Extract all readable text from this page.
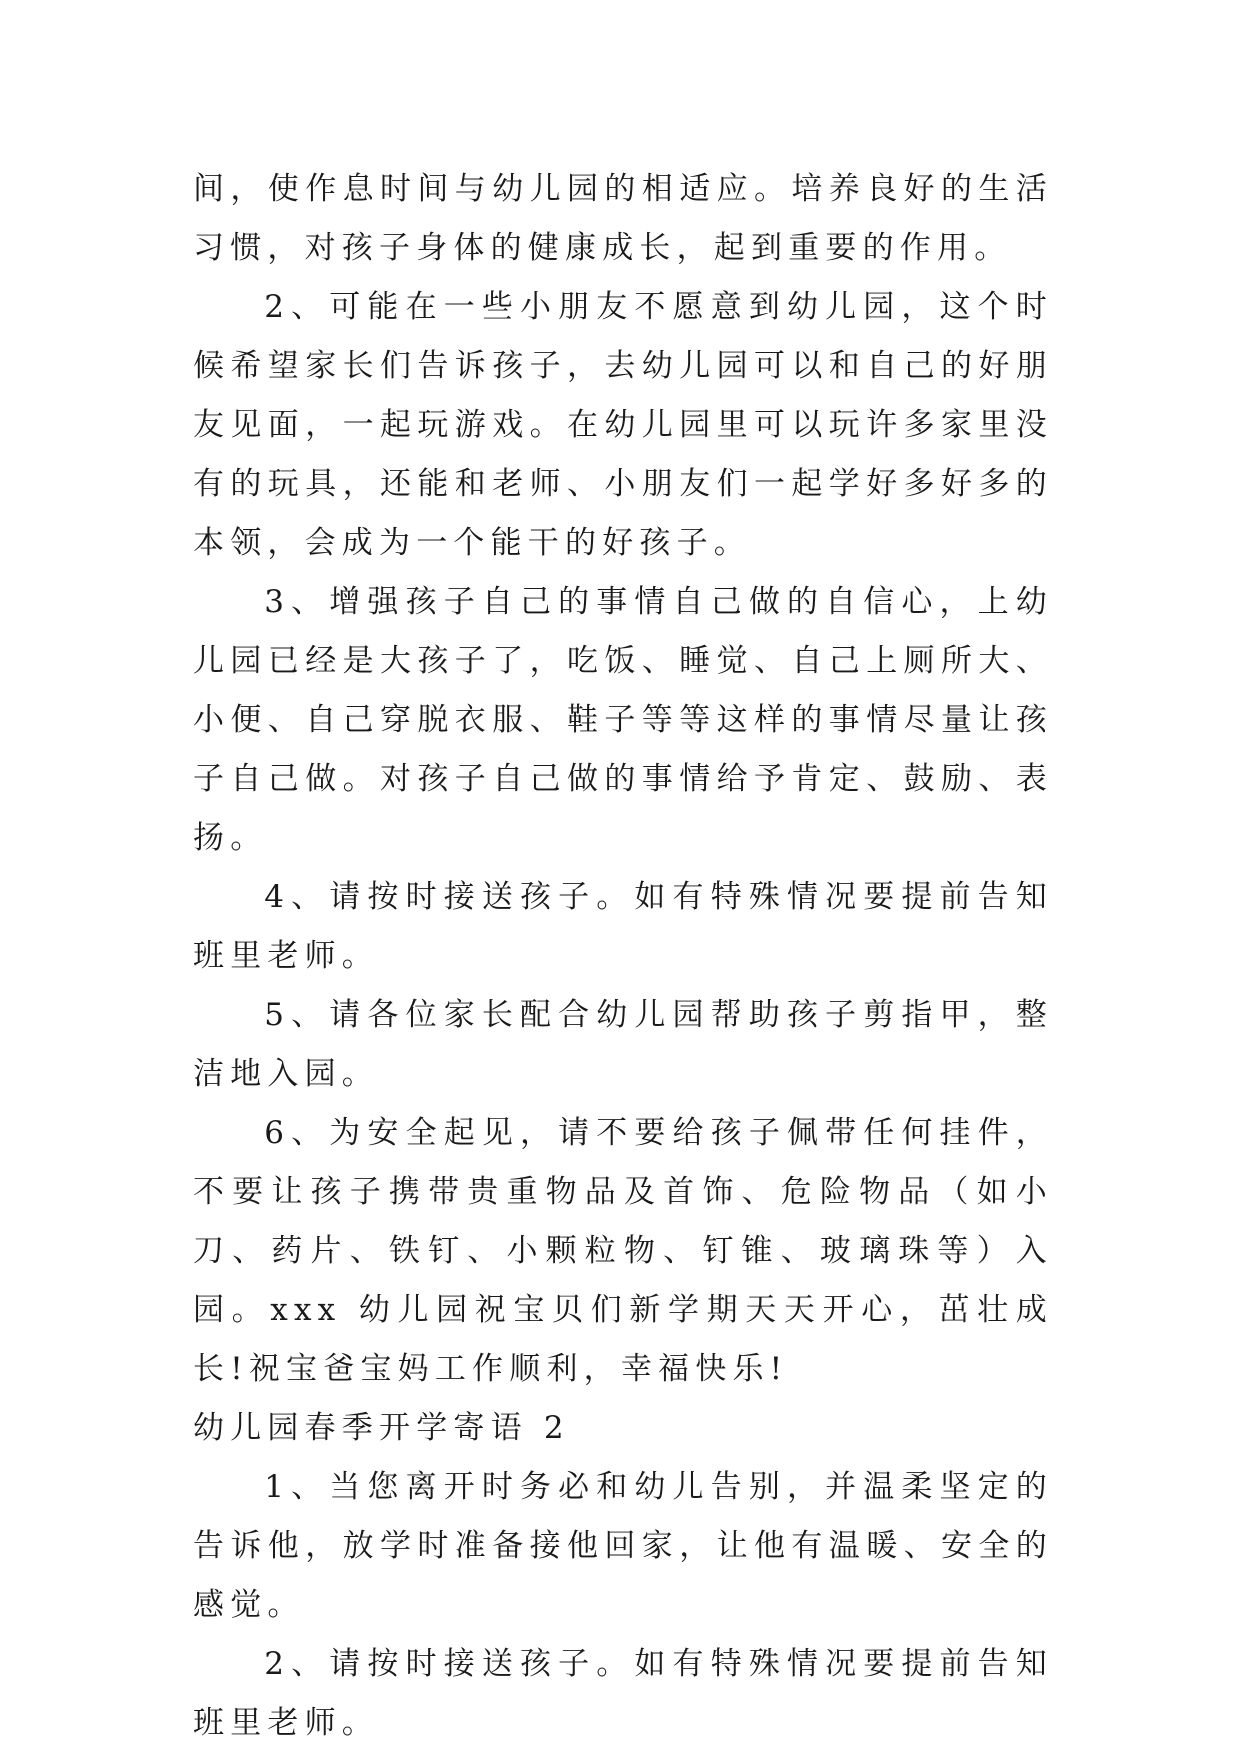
间，使作息时间与幼儿园的相适应。培养良好的生活习惯，对孩子身体的健康成长，起到重要的作用。

2、可能在一些小朋友不愿意到幼儿园，这个时候希望家长们告诉孩子，去幼儿园可以和自己的好朋友见面，一起玩游戏。在幼儿园里可以玩许多家里没有的玩具，还能和老师、小朋友们一起学好多好多的本领，会成为一个能干的好孩子。

3、增强孩子自己的事情自己做的自信心，上幼儿园已经是大孩子了，吃饭、睡觉、自己上厕所大、小便、自己穿脱衣服、鞋子等等这样的事情尽量让孩子自己做。对孩子自己做的事情给予肯定、鼓励、表扬。

4、请按时接送孩子。如有特殊情况要提前告知班里老师。

5、请各位家长配合幼儿园帮助孩子剪指甲，整洁地入园。

6、为安全起见，请不要给孩子佩带任何挂件，不要让孩子携带贵重物品及首饰、危险物品（如小刀、药片、铁钉、小颗粒物、钉锥、玻璃珠等）入园。xxx 幼儿园祝宝贝们新学期天天开心，茁壮成长!祝宝爸宝妈工作顺利，幸福快乐!

幼儿园春季开学寄语 2

1、当您离开时务必和幼儿告别，并温柔坚定的告诉他，放学时准备接他回家，让他有温暖、安全的感觉。

2、请按时接送孩子。如有特殊情况要提前告知班里老师。
